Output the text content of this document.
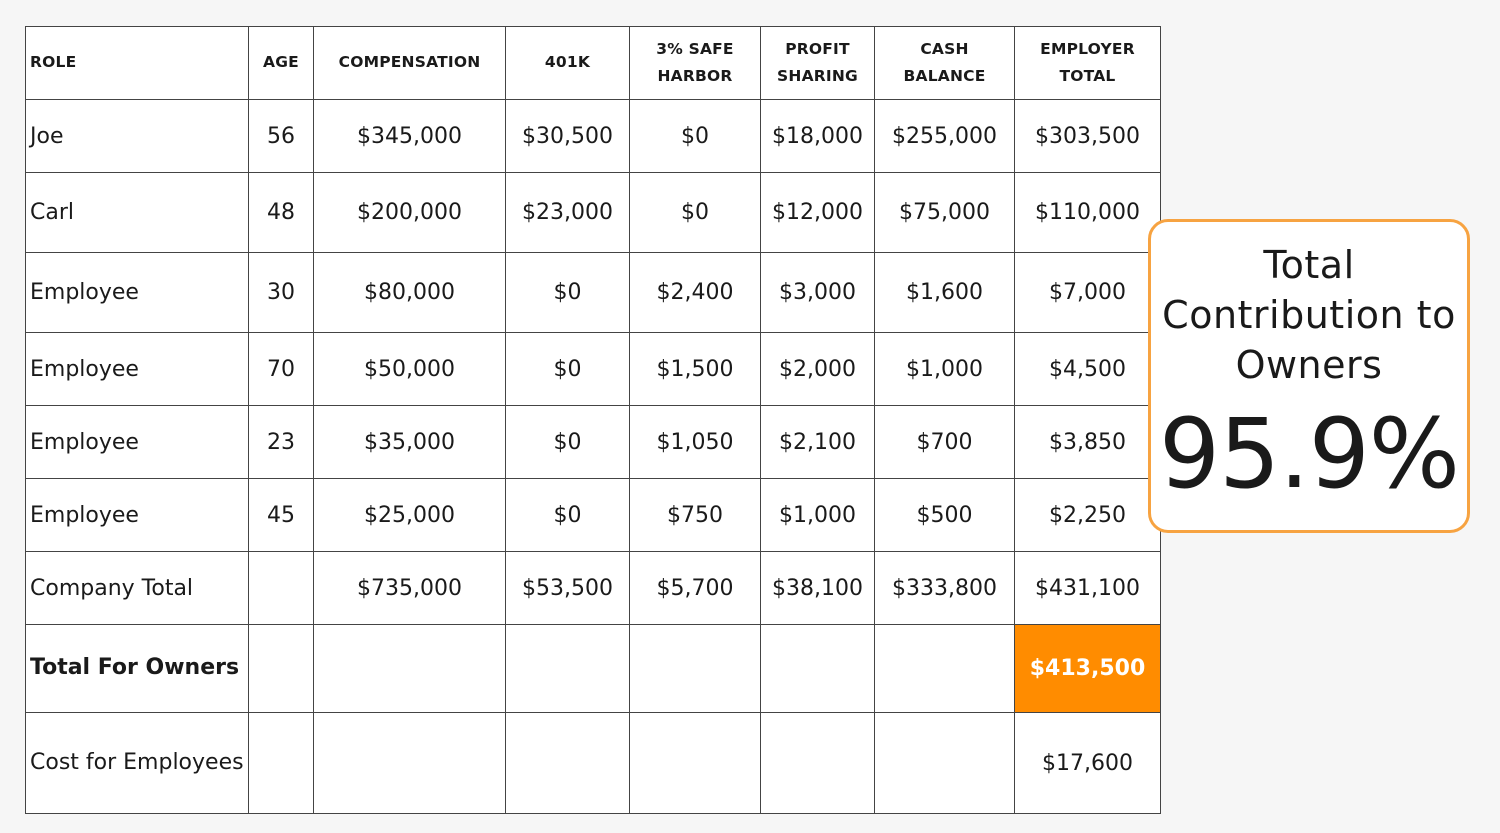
ROLE	AGE	COMPENSATION	401K	3% SAFE HARBOR	PROFIT SHARING	CASH BALANCE	EMPLOYER TOTAL
Joe	56	$345,000	$30,500	$0	$18,000	$255,000	$303,500
Carl	48	$200,000	$23,000	$0	$12,000	$75,000	$110,000
Employee	30	$80,000	$0	$2,400	$3,000	$1,600	$7,000
Employee	70	$50,000	$0	$1,500	$2,000	$1,000	$4,500
Employee	23	$35,000	$0	$1,050	$2,100	$700	$3,850
Employee	45	$25,000	$0	$750	$1,000	$500	$2,250
Company Total		$735,000	$53,500	$5,700	$38,100	$333,800	$431,100
Total For Owners							$413,500
Cost for Employees							$17,600
Total Contribution to Owners
95.9%
